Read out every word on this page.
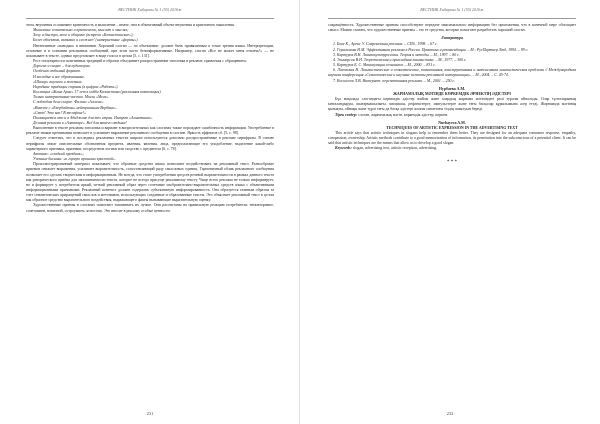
ВЕСТНИК Хабаршы № 1 (55) 2016ж

этом, внушения осложняют критичность и мышление – иначе, чем в объективный объект внушения и критичного мышления.

Мышление сознательно и критически, мыслит о мыслях;

Хочу и быстро, мозг и общение (встречи «Казахстанские»);

Более объектив, активно и сложнее! (интернетные «формы»).

Интенсивные «наводки» в внимании. Хороший слоган — по объективно: должен быть привязанным к точке зрения языка. Интерпретации, отличные и в сознании рекламных сообщений, при этом часто безинформативные. Например, слоган «Все не может меня отвлечь!» — не показывает в тексте, однако представляет в виде голоса в целом [5, с. 131].

Рост популярности позитивных традиций и образов объединяет распространение заголовка в рекламе, привлекая с обращением.

Дорогих и скорее – для аудитории.

Особенно любимый формат.

И молодые и все образованные.

«Шахар» вкусных и полезных.

Народные традиции страны (в цифрах «Работа»).

Коллекция «Жана Арна» 17 лет в хобби Казахстана (рекламная композиция).

Только интерактивно-частно. Могли «Мега».

С подходом дела скорее. Филиал «Алсамл».

«Вместе с «Евербайтин» нейтральным Вербанк».

«Стоп! Это как? В телефоне!»

Посвящается это и в Абиджане для тех стран. Интуит «Алматинка».

Деловая реклама в «Алтаваре». Всё для вашего отдыха!

Выполнение в тексте рекламы заголовка и вариант в вопросительных как слоганах также порождает ошибочность информации. Употребление в рекламе знаков препинания позволяет и усиливает выражение рекламного сообщения в слогане. Яркость эффектов сб. [5, с. 98].

Следует отметить, что в последних рекламных текстах широко используются довольно распространённые в рекламе перифразы. В основе перифразы лежат описательные обозначения предмета, явления, явления, лица, предполагающие его уподобление, выделение какой-либо характерного признака, признаки, посредством логики или сходство с предметом [6, с. 78].

Активно: «сладкий праздник»;

Ученные былины: «к горную пришлых красотой».

Проиллюстрированный материал показывает, что образные средства языка позволяют воздействовать на рекламный текст. Разнообразие приемов снижает выражения, усиливает выразительность, сопоставляющий ряду смысловых единиц. Гармоничный облик рекламного сообщения позволяет его сделать творческим и информационным. Не всегда, что стоит употребления средств речевой выразительности в рамках данного текста как риторического приёма для запоминаемости текста, которое не всегда присуще рекламному тексту. Чаще всего реклама не только информирует, но и формирует у потребителя яркий, четкий рекламный образ через сочетание изобразительно-выразительных средств языка с объективными информационными признаками. Рекламный контекст должен содержать субъективную информированность. Она образуется главным образом за счет семантических приращений смыслов и метонимов, использующих созданные и образованные тексты. Это объясняет рекламный текст в целом как образное средство выразительного воздействия, выражающего факты вызывающие выразительную оценку.

Художественные приемы в слоганах помогают запоминать их лучше. Они рассчитаны на правильную реакцию потребителя: неповторимое, сочетанием, новизной, остроумием, ясностью. Это вносит в рекламу особые ценности.

231
ВЕСТНИК Хабаршы № 1 (55) 2016ж

сокращённость. Художественные приемы способствуют передаче максимального информацию без приложения, что в конечной мере обогащает смысл. Можно сказать, что художественные приемы – это те средства, которые помогают разработать хороший слоган.

Литература

1. Бове К., Аренс У. Современная реклама. – СПб., 1998. – 67 с.

2. Герасимова Н.М. Эффективная реклама в России. Практика и рекомендации. – М.: РусПартнер Лтд, 1994. – 99 с.

3. Картуров В.Н. Лингвокультурология. Теория и методы. – М., 1997. – 80 с.

4. Эльмарсон В.Н. Теоретическая и прикладная лингвистика. – М., 1977. – 300 с.

5. Картуров Б. С. Манипуляция сознанием. – М., 2000. – 831 с.

6. Лисовская Н. Лингвистические и семиотические, когнитивная, конструктивная и интенсивная лингвистическая проблема // Международная научная конференция «Семиотические и научные аспекты рекламной коммуникации». – М., 2004. – С. 45-74.

7. Косологов Л.В. Интернет: перспективная реклама. – М., 2001. – 250 с.

Нурбаева А.М.
ЖАРНАМАЛЫҚ МӘТІНДЕ КӨРКЕМДІК ӘРНЕКТІҢ ӘДІСТЕРІ

Бұл мақалада слогандағы көркемдік әдістер жайлы және олардың жарнама мәтініндегі рөлі туралы айтылады. Олар тұлғаларының ынталандыруы, шығармашылығы, эмоциясы, рефлекстерге, импульстерге және тағы басқалар құрылымына әсер етеді. Жарнамада мәтіннің қызықты, ойнақы және түрлі тағы да басқа әдістері жалпы сипаттағы тілдің ашылуын береді.

Тірек сөздер: слоган, жарнамалық мәтін, көркемдік әдістер, көркем.

Nurbayeva A.M.
TECHNIQUES OF ARTISTIC EXPRESSION IN THE ADVERTISING TEXT

This article says that artistic techniques in slogans help to remember them better. They are designed for an adequate consumer response, empathy, compassion, ownership. Artistic methods contribute to a good memorization of information, its penetration into the subconscious of a potential client. It can be said that artistic techniques are the means that allow us to develop a good slogan.

Keywords: slogan, advertising text, artistic reception, advertising.

* * *
232
